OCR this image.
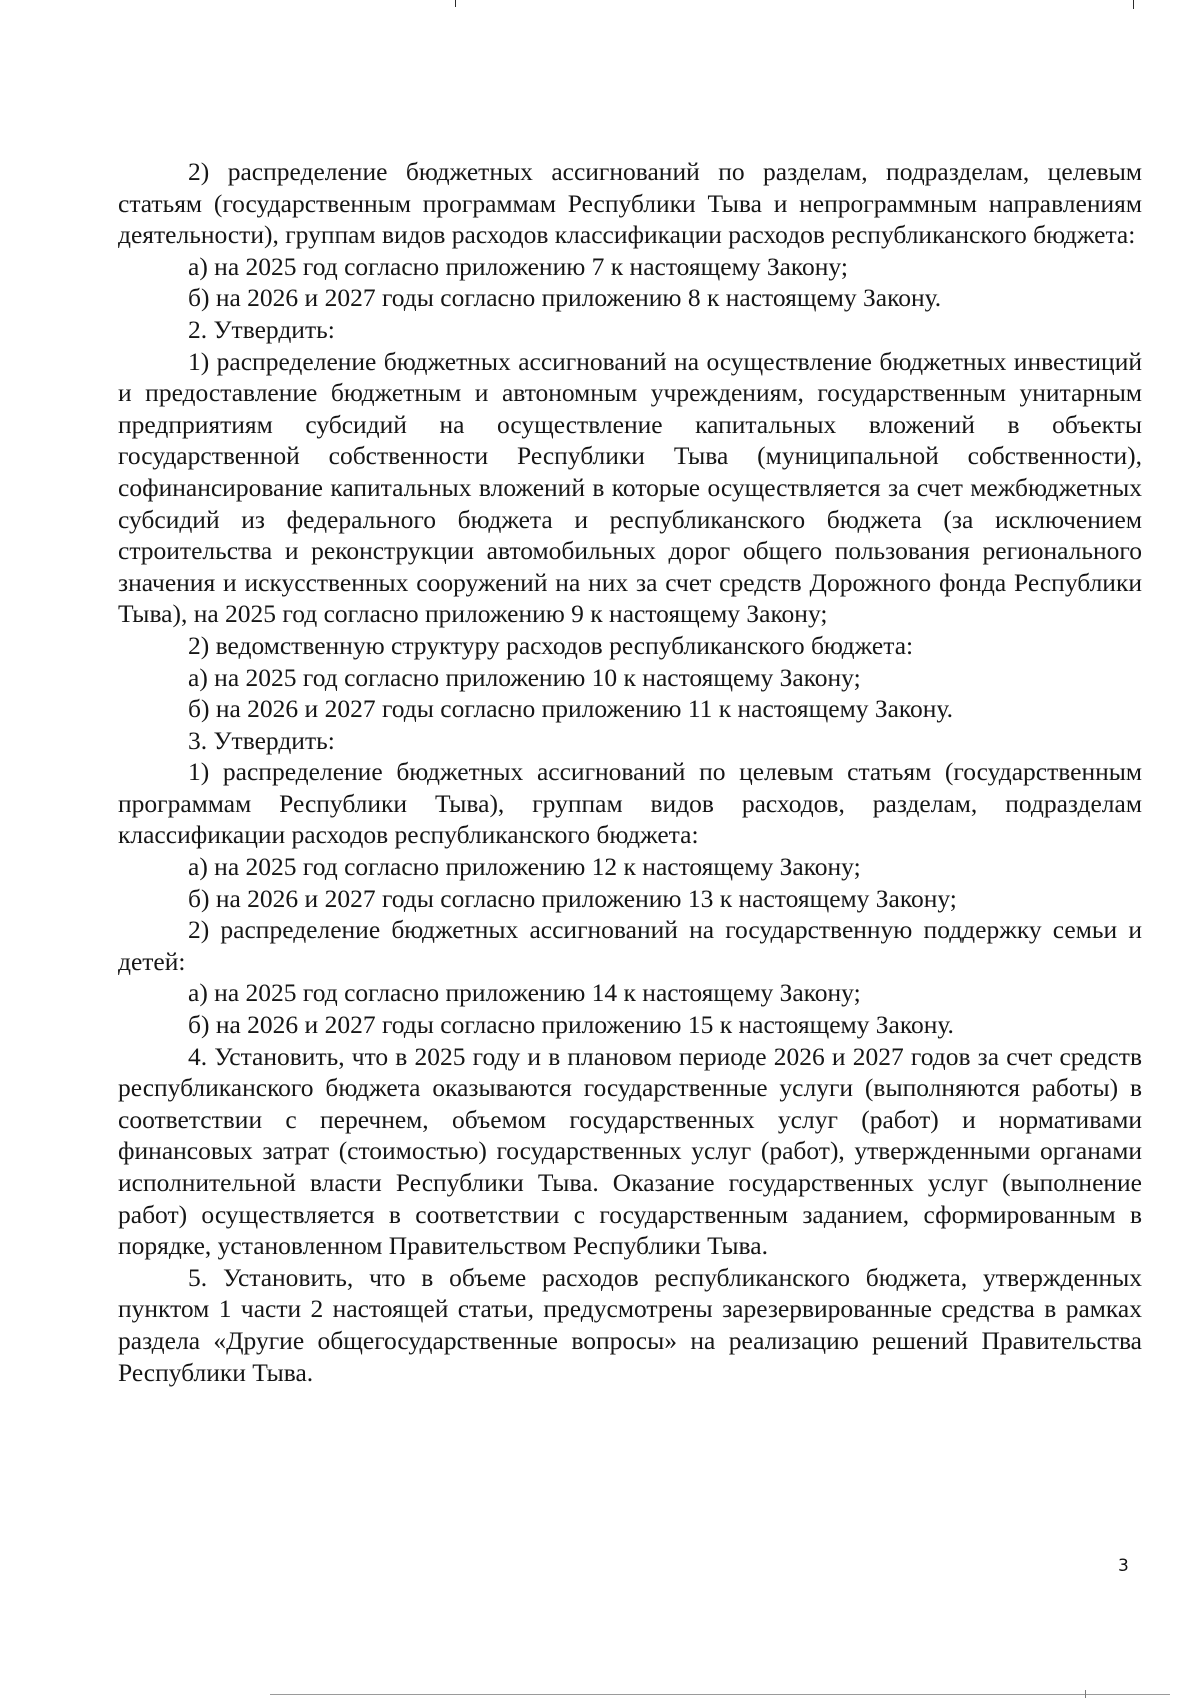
2) распределение бюджетных ассигнований по разделам, подразделам, целевым статьям (государственным программам Республики Тыва и непрограммным направлениям деятельности), группам видов расходов классификации расходов республиканского бюджета:

а) на 2025 год согласно приложению 7 к настоящему Закону;

б) на 2026 и 2027 годы согласно приложению 8 к настоящему Закону.

2. Утвердить:

1) распределение бюджетных ассигнований на осуществление бюджетных инвестиций и предоставление бюджетным и автономным учреждениям, государственным унитарным предприятиям субсидий на осуществление капитальных вложений в объекты государственной собственности Республики Тыва (муниципальной собственности), софинансирование капитальных вложений в которые осуществляется за счет межбюджетных субсидий из федерального бюджета и республиканского бюджета (за исключением строительства и реконструкции автомобильных дорог общего пользования регионального значения и искусственных сооружений на них за счет средств Дорожного фонда Республики Тыва), на 2025 год согласно приложению 9 к настоящему Закону;

2) ведомственную структуру расходов республиканского бюджета:

а) на 2025 год согласно приложению 10 к настоящему Закону;

б) на 2026 и 2027 годы согласно приложению 11 к настоящему Закону.

3. Утвердить:

1) распределение бюджетных ассигнований по целевым статьям (государственным программам Республики Тыва), группам видов расходов, разделам, подразделам классификации расходов республиканского бюджета:

а) на 2025 год согласно приложению 12 к настоящему Закону;

б) на 2026 и 2027 годы согласно приложению 13 к настоящему Закону;

2) распределение бюджетных ассигнований на государственную поддержку семьи и детей:

а) на 2025 год согласно приложению 14 к настоящему Закону;

б) на 2026 и 2027 годы согласно приложению 15 к настоящему Закону.

4. Установить, что в 2025 году и в плановом периоде 2026 и 2027 годов за счет средств республиканского бюджета оказываются государственные услуги (выполняются работы) в соответствии с перечнем, объемом государственных услуг (работ) и нормативами финансовых затрат (стоимостью) государственных услуг (работ), утвержденными органами исполнительной власти Республики Тыва. Оказание государственных услуг (выполнение работ) осуществляется в соответствии с государственным заданием, сформированным в порядке, установленном Правительством Республики Тыва.

5. Установить, что в объеме расходов республиканского бюджета, утвержденных пунктом 1 части 2 настоящей статьи, предусмотрены зарезервированные средства в рамках раздела «Другие общегосударственные вопросы» на реализацию решений Правительства Республики Тыва.

3
